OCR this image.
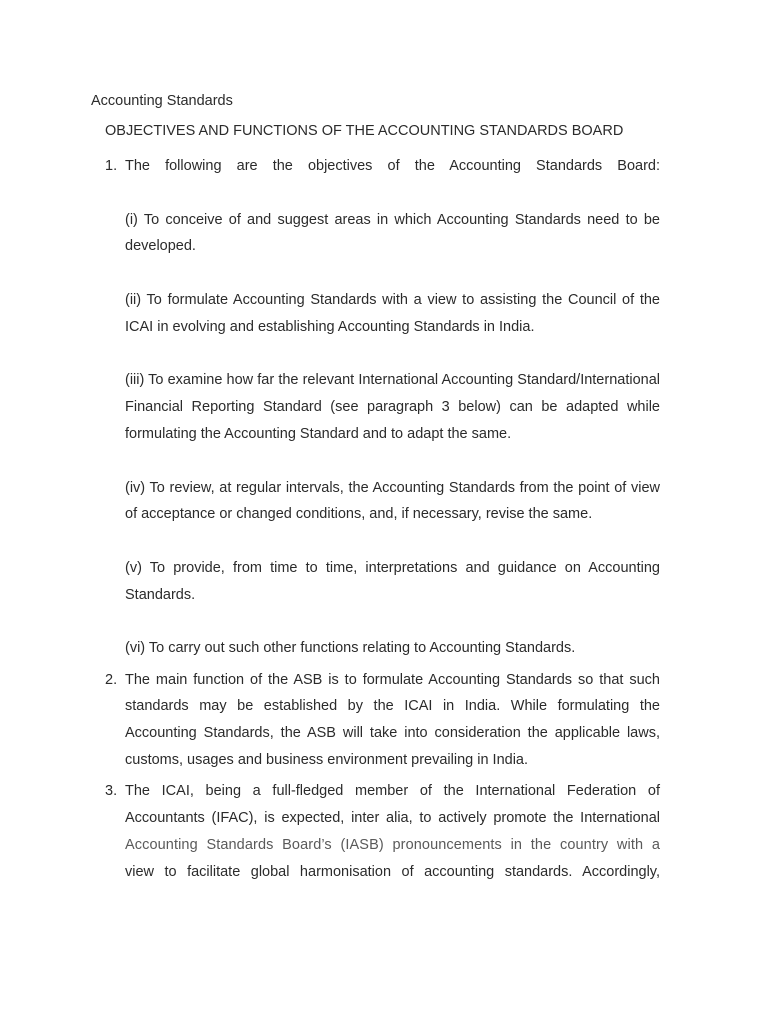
Accounting Standards
OBJECTIVES AND FUNCTIONS OF THE ACCOUNTING STANDARDS BOARD
1. The following are the objectives of the Accounting Standards Board:

(i) To conceive of and suggest areas in which Accounting Standards need to be developed.

(ii) To formulate Accounting Standards with a view to assisting the Council of the ICAI in evolving and establishing Accounting Standards in India.

(iii) To examine how far the relevant International Accounting Standard/International Financial Reporting Standard (see paragraph 3 below) can be adapted while formulating the Accounting Standard and to adapt the same.

(iv) To review, at regular intervals, the Accounting Standards from the point of view of acceptance or changed conditions, and, if necessary, revise the same.

(v) To provide, from time to time, interpretations and guidance on Accounting Standards.

(vi) To carry out such other functions relating to Accounting Standards.

2. The main function of the ASB is to formulate Accounting Standards so that such standards may be established by the ICAI in India. While formulating the Accounting Standards, the ASB will take into consideration the applicable laws, customs, usages and business environment prevailing in India.

3. The ICAI, being a full-fledged member of the International Federation of Accountants (IFAC), is expected, inter alia, to actively promote the International

Accounting Standards Board’s (IASB) pronouncements in the country with a

view to facilitate global harmonisation of accounting standards. Accordingly,
